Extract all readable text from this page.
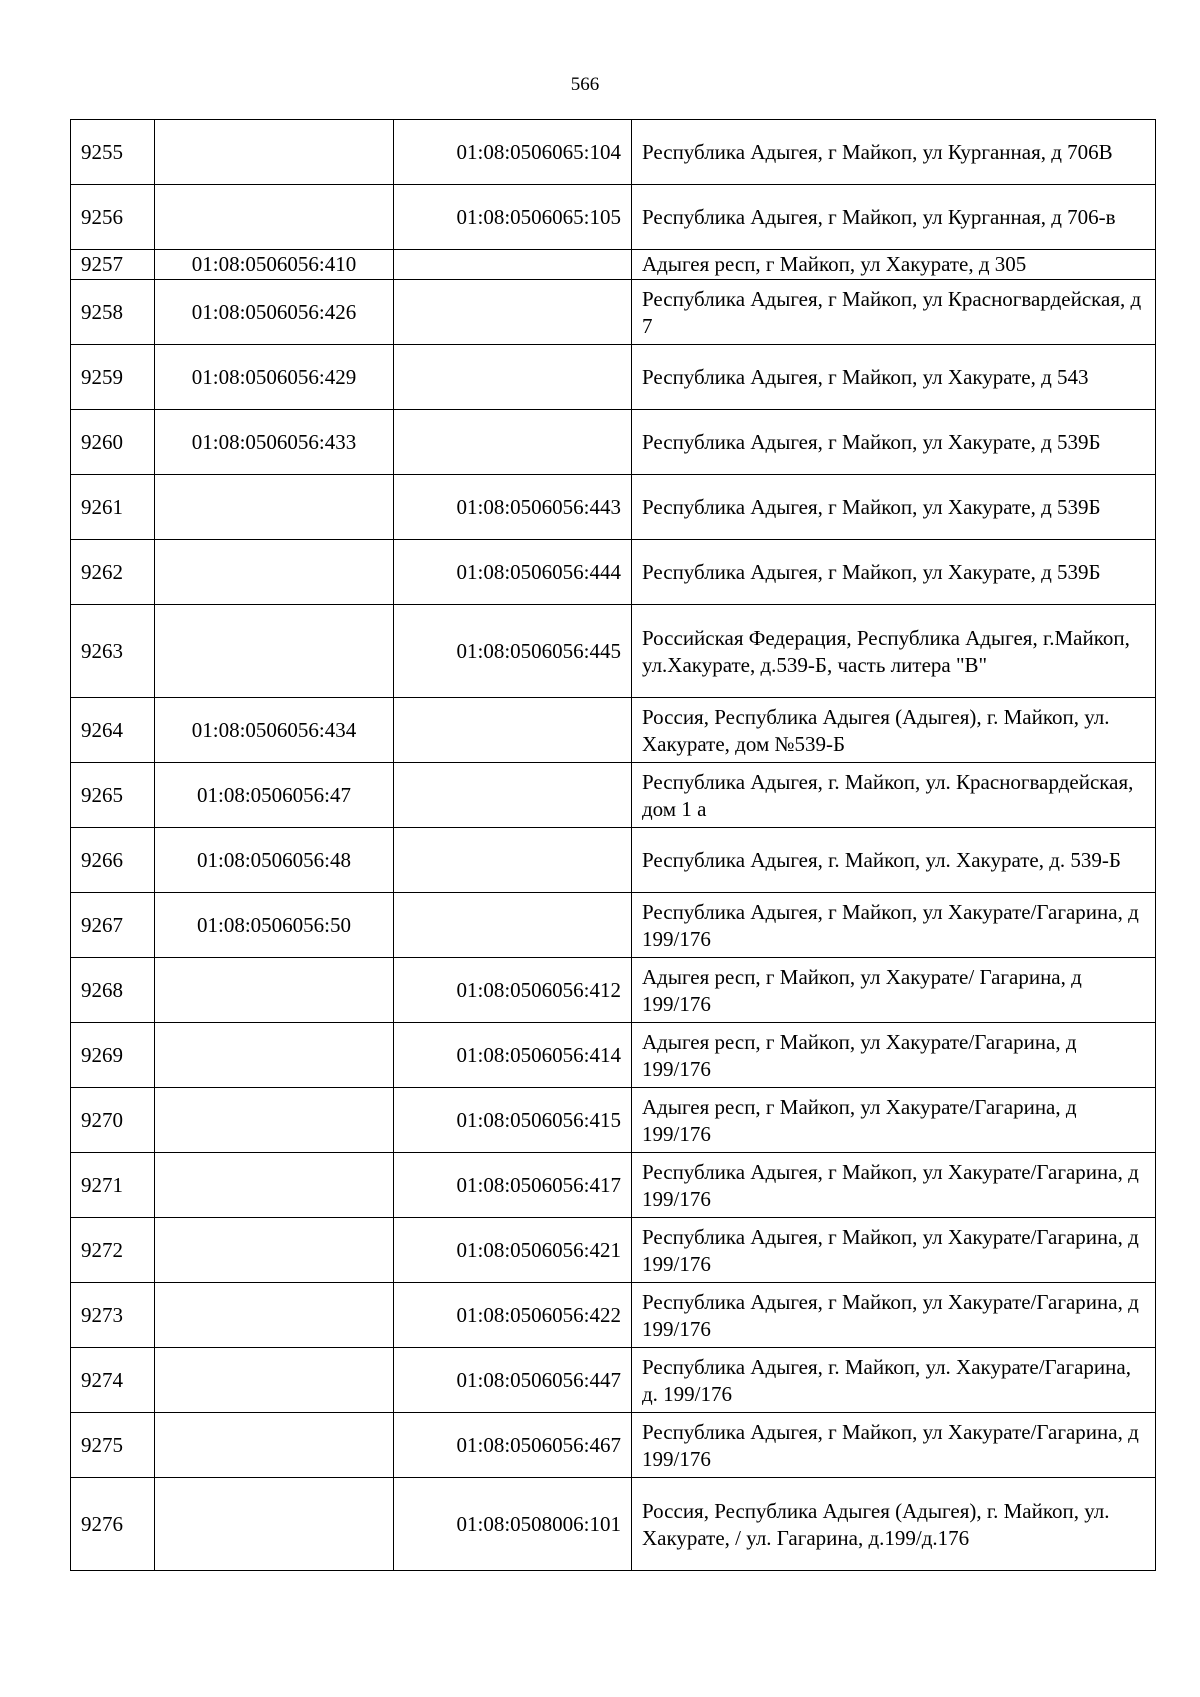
566
9255		01:08:0506065:104	Республика Адыгея, г Майкоп, ул Курганная, д 706В
9256		01:08:0506065:105	Республика Адыгея, г Майкоп, ул Курганная, д 706-в
9257	01:08:0506056:410		Адыгея респ, г Майкоп, ул Хакурате, д 305
9258	01:08:0506056:426		Республика Адыгея, г Майкоп, ул Красногвардейская, д 7
9259	01:08:0506056:429		Республика Адыгея, г Майкоп, ул Хакурате, д 543
9260	01:08:0506056:433		Республика Адыгея, г Майкоп, ул Хакурате, д 539Б
9261		01:08:0506056:443	Республика Адыгея, г Майкоп, ул Хакурате, д 539Б
9262		01:08:0506056:444	Республика Адыгея, г Майкоп, ул Хакурате, д 539Б
9263		01:08:0506056:445	Российская Федерация, Республика Адыгея, г.Майкоп, ул.Хакурате, д.539-Б, часть литера "В"
9264	01:08:0506056:434		Россия, Республика Адыгея (Адыгея), г. Майкоп, ул. Хакурате, дом №539-Б
9265	01:08:0506056:47		Республика Адыгея, г. Майкоп, ул. Красногвардейская, дом 1 а
9266	01:08:0506056:48		Республика Адыгея, г. Майкоп, ул. Хакурате, д. 539-Б
9267	01:08:0506056:50		Республика Адыгея, г Майкоп, ул Хакурате/Гагарина, д 199/176
9268		01:08:0506056:412	Адыгея респ, г Майкоп, ул Хакурате/ Гагарина, д 199/176
9269		01:08:0506056:414	Адыгея респ, г Майкоп, ул Хакурате/Гагарина, д 199/176
9270		01:08:0506056:415	Адыгея респ, г Майкоп, ул Хакурате/Гагарина, д 199/176
9271		01:08:0506056:417	Республика Адыгея, г Майкоп, ул Хакурате/Гагарина, д 199/176
9272		01:08:0506056:421	Республика Адыгея, г Майкоп, ул Хакурате/Гагарина, д 199/176
9273		01:08:0506056:422	Республика Адыгея, г Майкоп, ул Хакурате/Гагарина, д 199/176
9274		01:08:0506056:447	Республика Адыгея, г. Майкоп, ул. Хакурате/Гагарина, д. 199/176
9275		01:08:0506056:467	Республика Адыгея, г Майкоп, ул Хакурате/Гагарина, д 199/176
9276		01:08:0508006:101	Россия, Республика Адыгея (Адыгея), г. Майкоп, ул. Хакурате, / ул. Гагарина, д.199/д.176
